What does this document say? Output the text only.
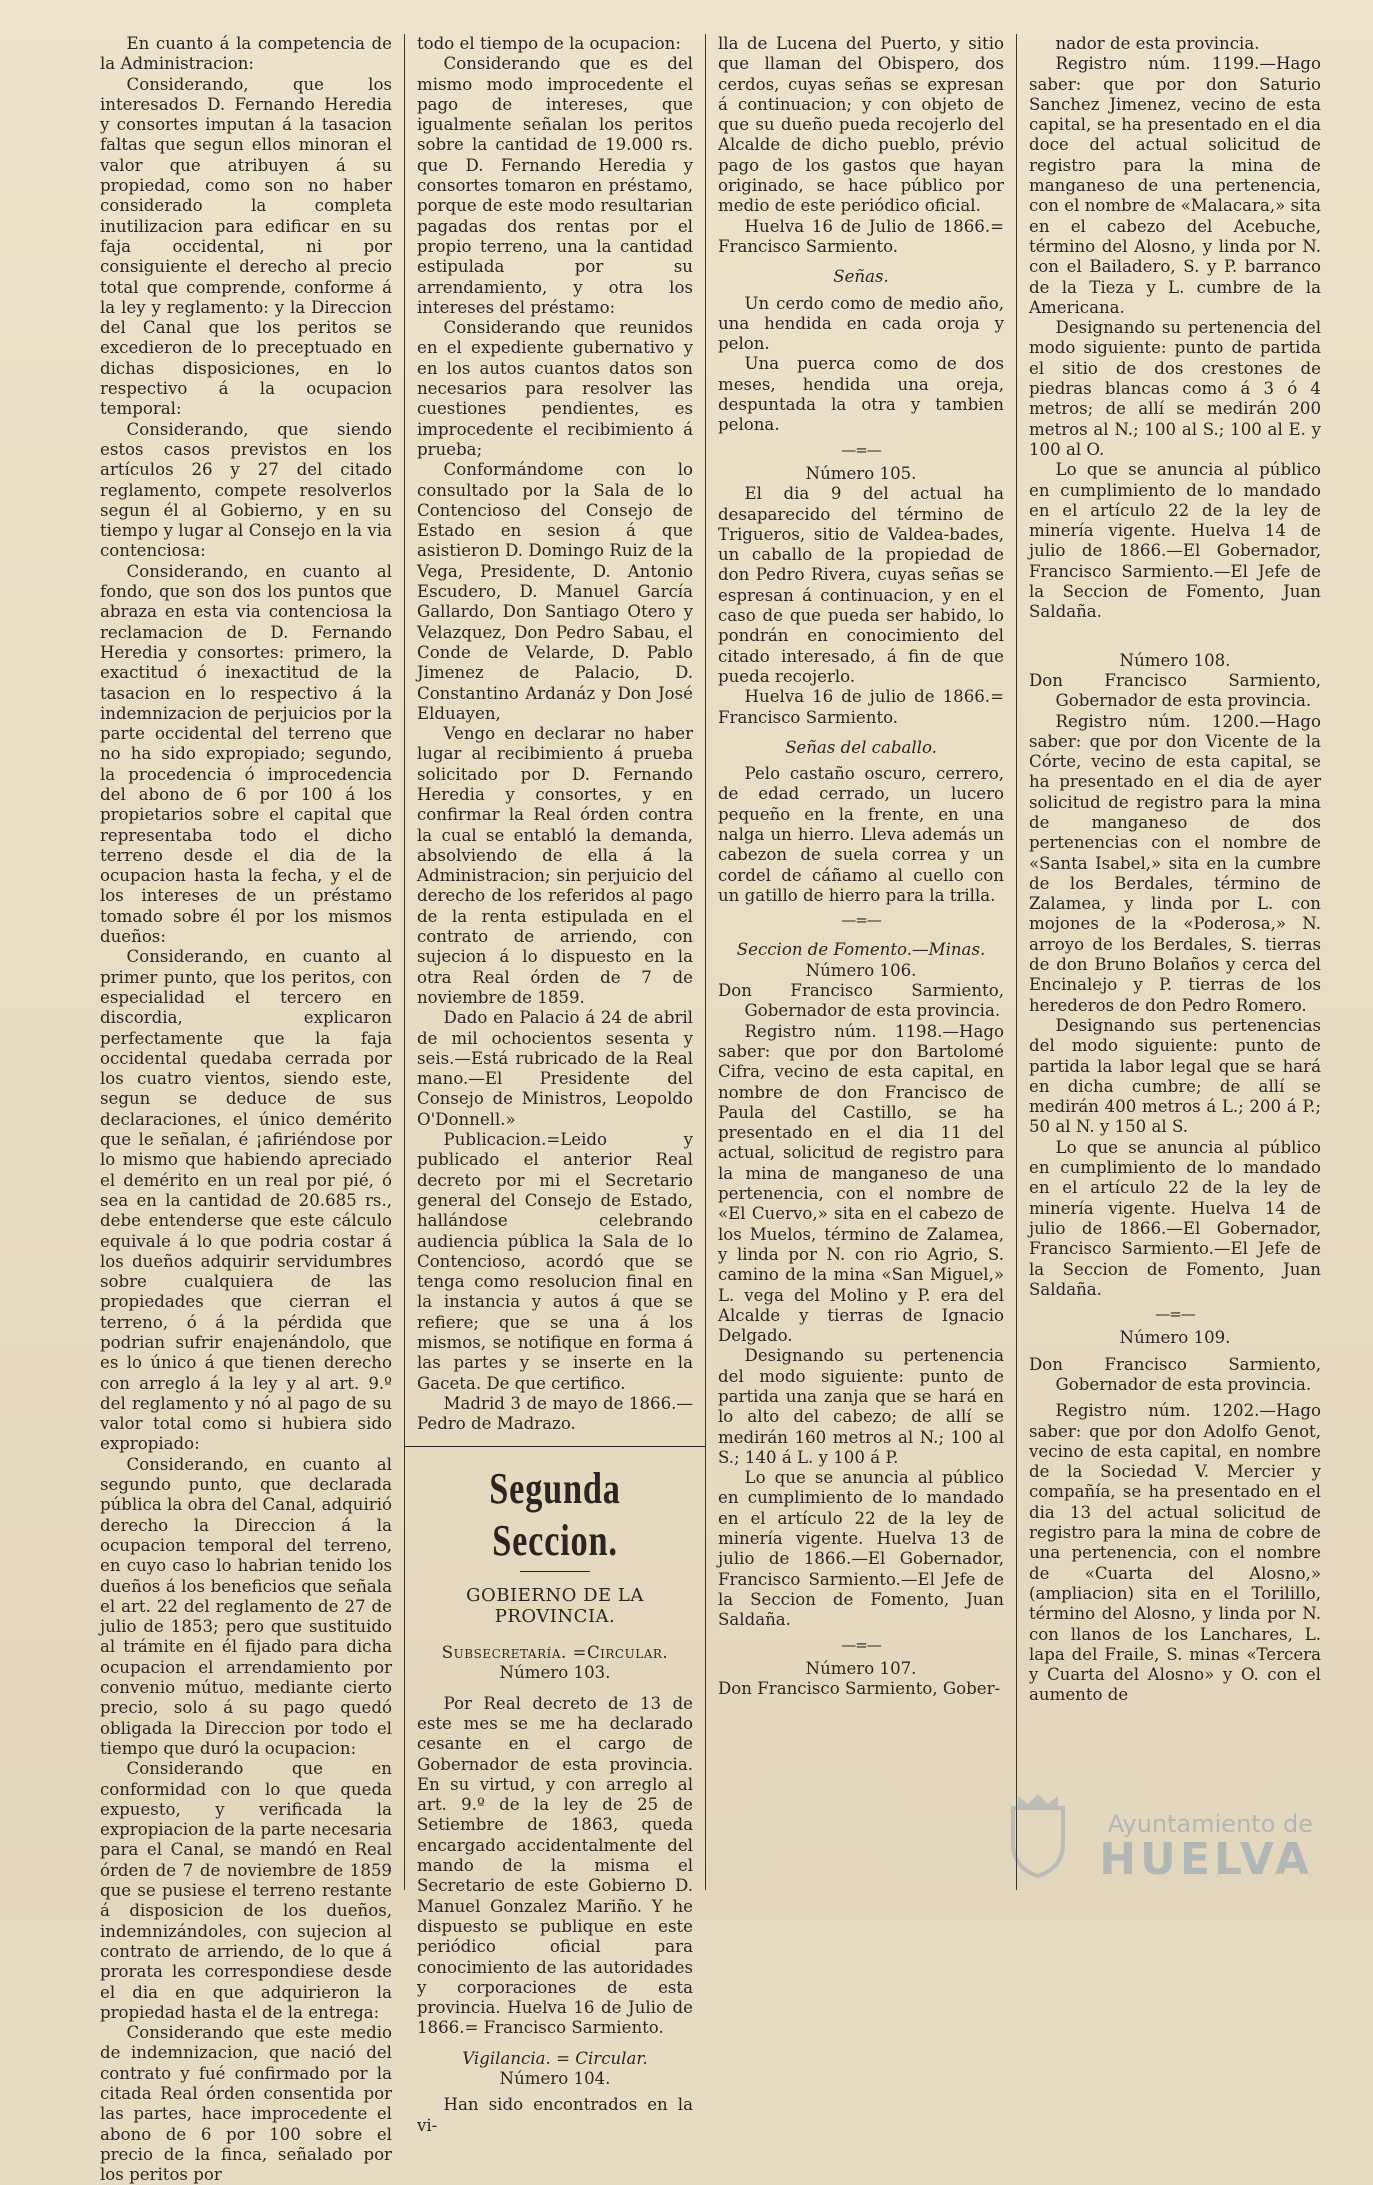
En cuanto á la competencia de la Administracion:

Considerando, que los interesados D. Fernando Heredia y consortes imputan á la tasacion faltas que segun ellos minoran el valor que atribuyen á su propiedad, como son no haber considerado la completa inutilizacion para edificar en su faja occidental, ni por consiguiente el derecho al precio total que comprende, conforme á la ley y reglamento: y la Direccion del Canal que los peritos se excedieron de lo preceptuado en dichas disposiciones, en lo respectivo á la ocupacion temporal:

Considerando, que siendo estos casos previstos en los artículos 26 y 27 del citado reglamento, compete resolverlos segun él al Gobierno, y en su tiempo y lugar al Consejo en la via contenciosa:

Considerando, en cuanto al fondo, que son dos los puntos que abraza en esta via contenciosa la reclamacion de D. Fernando Heredia y consortes: primero, la exactitud ó inexactitud de la tasacion en lo respectivo á la indemnizacion de perjuicios por la parte occidental del terreno que no ha sido expropiado; segundo, la procedencia ó improcedencia del abono de 6 por 100 á los propietarios sobre el capital que representaba todo el dicho terreno desde el dia de la ocupacion hasta la fecha, y el de los intereses de un préstamo tomado sobre él por los mismos dueños:

Considerando, en cuanto al primer punto, que los peritos, con especialidad el tercero en discordia, explicaron perfectamente que la faja occidental quedaba cerrada por los cuatro vientos, siendo este, segun se deduce de sus declaraciones, el único demérito que le señalan, é ¡afiriéndose por lo mismo que habiendo apreciado el demérito en un real por pié, ó sea en la cantidad de 20.685 rs., debe entenderse que este cálculo equivale á lo que podria costar á los dueños adquirir servidumbres sobre cualquiera de las propiedades que cierran el terreno, ó á la pérdida que podrian sufrir enajenándolo, que es lo único á que tienen derecho con arreglo á la ley y al art. 9.º del reglamento y nó al pago de su valor total como si hubiera sido expropiado:

Considerando, en cuanto al segundo punto, que declarada pública la obra del Canal, adquirió derecho la Direccion á la ocupacion temporal del terreno, en cuyo caso lo habrian tenido los dueños á los beneficios que señala el art. 22 del reglamento de 27 de julio de 1853; pero que sustituido al trámite en él fijado para dicha ocupacion el arrendamiento por convenio mútuo, mediante cierto precio, solo á su pago quedó obligada la Direccion por todo el tiempo que duró la ocupacion:

Considerando que en conformidad con lo que queda expuesto, y verificada la expropiacion de la parte necesaria para el Canal, se mandó en Real órden de 7 de noviembre de 1859 que se pusiese el terreno restante á disposicion de los dueños, indemnizándoles, con sujecion al contrato de arriendo, de lo que á prorata les correspondiese desde el dia en que adquirieron la propiedad hasta el de la entrega:

Considerando que este medio de indemnizacion, que nació del contrato y fué confirmado por la citada Real órden consentida por las partes, hace improcedente el abono de 6 por 100 sobre el precio de la finca, señalado por los peritos por

todo el tiempo de la ocupacion:

Considerando que es del mismo modo improcedente el pago de intereses, que igualmente señalan los peritos sobre la cantidad de 19.000 rs. que D. Fernando Heredia y consortes tomaron en préstamo, porque de este modo resultarian pagadas dos rentas por el propio terreno, una la cantidad estipulada por su arrendamiento, y otra los intereses del préstamo:

Considerando que reunidos en el expediente gubernativo y en los autos cuantos datos son necesarios para resolver las cuestiones pendientes, es improcedente el recibimiento á prueba;

Conformándome con lo consultado por la Sala de lo Contencioso del Consejo de Estado en sesion á que asistieron D. Domingo Ruiz de la Vega, Presidente, D. Antonio Escudero, D. Manuel García Gallardo, Don Santiago Otero y Velazquez, Don Pedro Sabau, el Conde de Velarde, D. Pablo Jimenez de Palacio, D. Constantino Ardanáz y Don José Elduayen,

Vengo en declarar no haber lugar al recibimiento á prueba solicitado por D. Fernando Heredia y consortes, y en confirmar la Real órden contra la cual se entabló la demanda, absolviendo de ella á la Administracion; sin perjuicio del derecho de los referidos al pago de la renta estipulada en el contrato de arriendo, con sujecion á lo dispuesto en la otra Real órden de 7 de noviembre de 1859.

Dado en Palacio á 24 de abril de mil ochocientos sesenta y seis.—Está rubricado de la Real mano.—El Presidente del Consejo de Ministros, Leopoldo O'Donnell.»

Publicacion.=Leido y publicado el anterior Real decreto por mi el Secretario general del Consejo de Estado, hallándose celebrando audiencia pública la Sala de lo Contencioso, acordó que se tenga como resolucion final en la instancia y autos á que se refiere; que se una á los mismos, se notifique en forma á las partes y se inserte en la Gaceta. De que certifico.

Madrid 3 de mayo de 1866.—Pedro de Madrazo.

Segunda Seccion.
GOBIERNO DE LA PROVINCIA.

Subsecretaría. =Circular.

Número 103.

Por Real decreto de 13 de este mes se me ha declarado cesante en el cargo de Gobernador de esta provincia. En su virtud, y con arreglo al art. 9.º de la ley de 25 de Setiembre de 1863, queda encargado accidentalmente del mando de la misma el Secretario de este Gobierno D. Manuel Gonzalez Mariño. Y he dispuesto se publique en este periódico oficial para conocimiento de las autoridades y corporaciones de esta provincia. Huelva 16 de Julio de 1866.= Francisco Sarmiento.

Vigilancia. = Circular.

Número 104.

Han sido encontrados en la vi-

lla de Lucena del Puerto, y sitio que llaman del Obispero, dos cerdos, cuyas señas se expresan á continuacion; y con objeto de que su dueño pueda recojerlo del Alcalde de dicho pueblo, prévio pago de los gastos que hayan originado, se hace público por medio de este periódico oficial.

Huelva 16 de Julio de 1866.= Francisco Sarmiento.

Señas.

Un cerdo como de medio año, una hendida en cada oroja y pelon.

Una puerca como de dos meses, hendida una oreja, despuntada la otra y tambien pelona.

—=—

Número 105.

El dia 9 del actual ha desaparecido del término de Trigueros, sitio de Valdea-bades, un caballo de la propiedad de don Pedro Rivera, cuyas señas se espresan á continuacion, y en el caso de que pueda ser habido, lo pondrán en conocimiento del citado interesado, á fin de que pueda recojerlo.

Huelva 16 de julio de 1866.= Francisco Sarmiento.

Señas del caballo.

Pelo castaño oscuro, cerrero, de edad cerrado, un lucero pequeño en la frente, en una nalga un hierro. Lleva además un cabezon de suela correa y un cordel de cáñamo al cuello con un gatillo de hierro para la trilla.

—=—

Seccion de Fomento.—Minas.

Número 106.

Don Francisco Sarmiento, Gobernador de esta provincia.

Registro núm. 1198.—Hago saber: que por don Bartolomé Cifra, vecino de esta capital, en nombre de don Francisco de Paula del Castillo, se ha presentado en el dia 11 del actual, solicitud de registro para la mina de manganeso de una pertenencia, con el nombre de «El Cuervo,» sita en el cabezo de los Muelos, término de Zalamea, y linda por N. con rio Agrio, S. camino de la mina «San Miguel,» L. vega del Molino y P. era del Alcalde y tierras de Ignacio Delgado.

Designando su pertenencia del modo siguiente: punto de partida una zanja que se hará en lo alto del cabezo; de allí se medirán 160 metros al N.; 100 al S.; 140 á L. y 100 á P.

Lo que se anuncia al público en cumplimiento de lo mandado en el artículo 22 de la ley de minería vigente. Huelva 13 de julio de 1866.—El Gobernador, Francisco Sarmiento.—El Jefe de la Seccion de Fomento, Juan Saldaña.

—=—

Número 107.

Don Francisco Sarmiento, Gober-

nador de esta provincia.

Registro núm. 1199.—Hago saber: que por don Saturio Sanchez Jimenez, vecino de esta capital, se ha presentado en el dia doce del actual solicitud de registro para la mina de manganeso de una pertenencia, con el nombre de «Malacara,» sita en el cabezo del Acebuche, término del Alosno, y linda por N. con el Bailadero, S. y P. barranco de la Tieza y L. cumbre de la Americana.

Designando su pertenencia del modo siguiente: punto de partida el sitio de dos crestones de piedras blancas como á 3 ó 4 metros; de allí se medirán 200 metros al N.; 100 al S.; 100 al E. y 100 al O.

Lo que se anuncia al público en cumplimiento de lo mandado en el artículo 22 de la ley de minería vigente. Huelva 14 de julio de 1866.—El Gobernador, Francisco Sarmiento.—El Jefe de la Seccion de Fomento, Juan Saldaña.

Número 108.

Don Francisco Sarmiento, Gobernador de esta provincia.

Registro núm. 1200.—Hago saber: que por don Vicente de la Córte, vecino de esta capital, se ha presentado en el dia de ayer solicitud de registro para la mina de manganeso de dos pertenencias con el nombre de «Santa Isabel,» sita en la cumbre de los Berdales, término de Zalamea, y linda por L. con mojones de la «Poderosa,» N. arroyo de los Berdales, S. tierras de don Bruno Bolaños y cerca del Encinalejo y P. tierras de los herederos de don Pedro Romero.

Designando sus pertenencias del modo siguiente: punto de partida la labor legal que se hará en dicha cumbre; de allí se medirán 400 metros á L.; 200 á P.; 50 al N. y 150 al S.

Lo que se anuncia al público en cumplimiento de lo mandado en el artículo 22 de la ley de minería vigente. Huelva 14 de julio de 1866.—El Gobernador, Francisco Sarmiento.—El Jefe de la Seccion de Fomento, Juan Saldaña.

—=—

Número 109.

Don Francisco Sarmiento, Gobernador de esta provincia.

Registro núm. 1202.—Hago saber: que por don Adolfo Genot, vecino de esta capital, en nombre de la Sociedad V. Mercier y compañía, se ha presentado en el dia 13 del actual solicitud de registro para la mina de cobre de una pertenencia, con el nombre de «Cuarta del Alosno,» (ampliacion) sita en el Torilillo, término del Alosno, y linda por N. con llanos de los Lanchares, L. lapa del Fraile, S. minas «Tercera y Cuarta del Alosno» y O. con el aumento de

Ayuntamiento de
HUELVA
